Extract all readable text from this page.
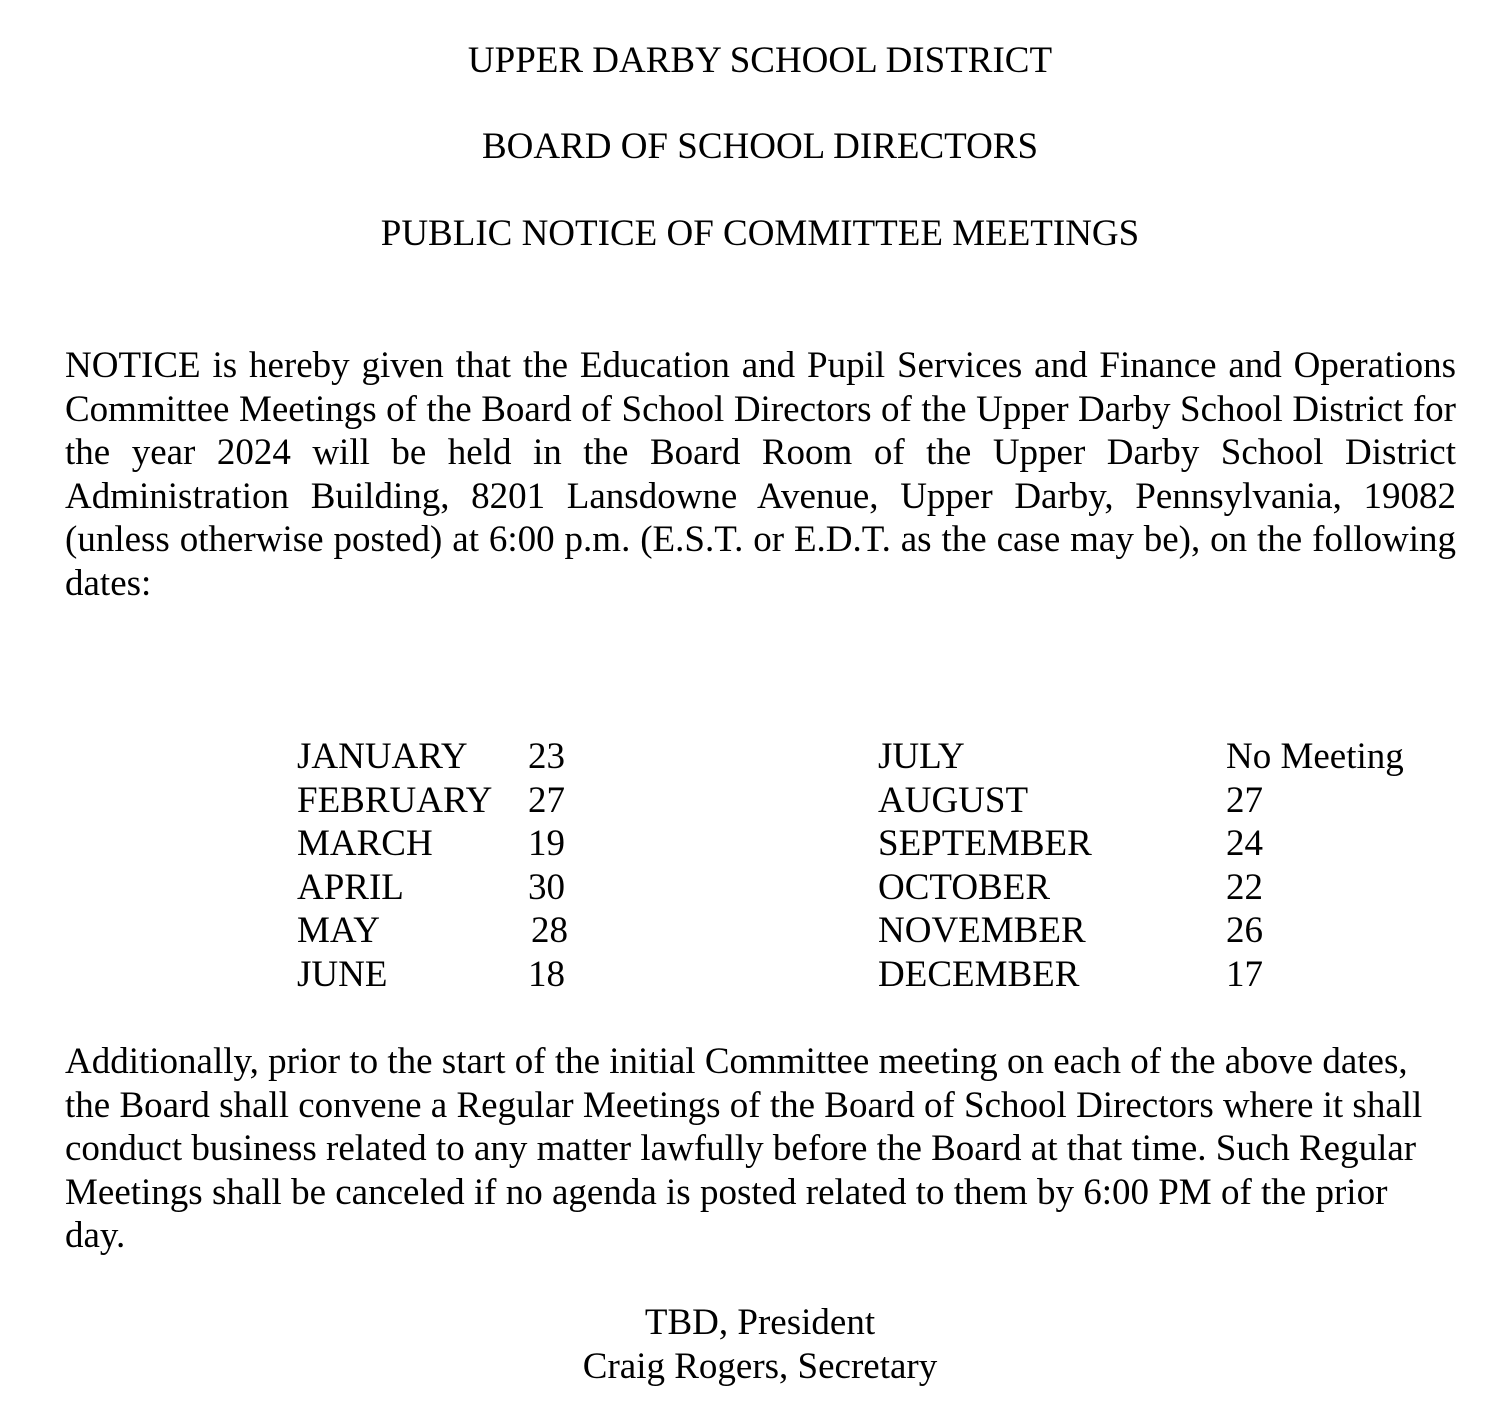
UPPER DARBY SCHOOL DISTRICT
BOARD OF SCHOOL DIRECTORS
PUBLIC NOTICE OF COMMITTEE MEETINGS

NOTICE is hereby given that the Education and Pupil Services and Finance and Operations Committee Meetings of the Board of School Directors of the Upper Darby School District for the year 2024 will be held in the Board Room of the Upper Darby School District Administration Building, 8201 Lansdowne Avenue, Upper Darby, Pennsylvania, 19082 (unless otherwise posted) at 6:00 p.m. (E.S.T. or E.D.T. as the case may be), on the following dates:

JANUARY 23
FEBRUARY 27
MARCH	19
APRIL	30
MAY	28
JUNE	18
JULY	No Meeting
AUGUST	27
SEPTEMBER	24
OCTOBER	22
NOVEMBER	26
DECEMBER	17

Additionally, prior to the start of the initial Committee meeting on each of the above dates, the Board shall convene a Regular Meetings of the Board of School Directors where it shall conduct business related to any matter lawfully before the Board at that time. Such Regular Meetings shall be canceled if no agenda is posted related to them by 6:00 PM of the prior day.

TBD, President
Craig Rogers, Secretary
